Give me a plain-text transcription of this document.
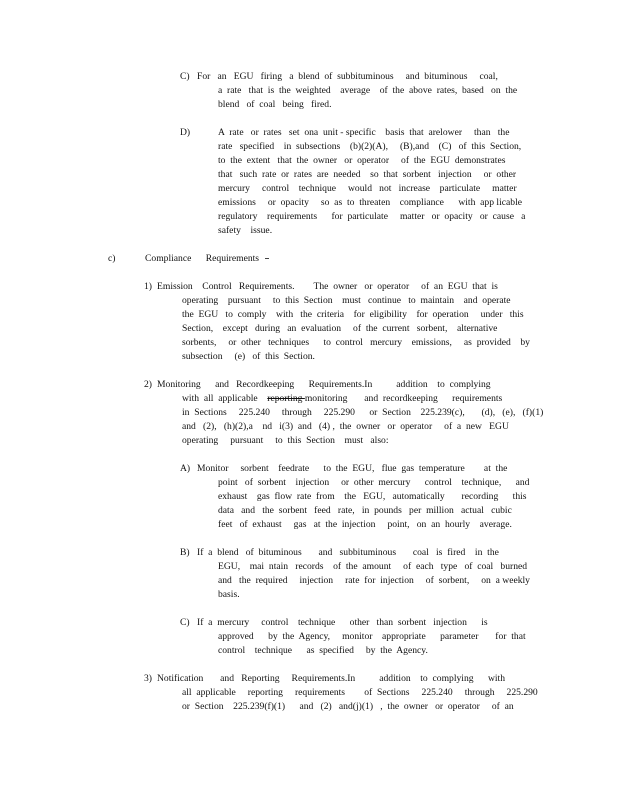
C) For   an   EGU   firing   a  blend  of  subbituminous     and  bituminous     coal,
a  rate   that  is  the  weighted    average    of  the  above  rates,  based   on  the
blend   of  coal   being   fired.
D)	A  rate   or  rates   set  ona  unit - specific    basis  that  arelower     than   the
rate   specified    in  subsections    (b)(2)(A),     (B),and    (C)   of  this  Section,
to  the  extent   that  the  owner   or  operator     of  the  EGU  demonstrates
that   such  rate  or  rates  are  needed    so  that  sorbent   injection     or  other
mercury     control    technique     would   not   increase    particulate     matter
emissions     or  opacity     so  as  to  threaten    compliance      with  app licable
regulatory    requirements      for  particulate     matter   or  opacity   or  cause   a
safety    issue.
c)	Compliance      Requirements
1) Emission    Control   Requirements.        The  owner   or  operator     of  an  EGU  that  is
operating    pursuant     to  this  Section    must   continue   to  maintain    and  operate
the  EGU   to  comply    with   the  criteria    for  eligibility    for  operation     under   this
Section,    except   during   an  evaluation     of  the  current   sorbent,    alternative
sorbents,     or  other   techniques      to  control   mercury    emissions,     as  provided    by
subsection     (e)   of  this  Section.
2) Monitoring      and   Recordkeeping      Requirements.In          addition    to  complying
with  all  applicable    reporting monitoring       and  recordkeeping      requirements
in  Sections     225.240     through     225.290      or  Section    225.239(c),       (d),   (e),   (f)(1)
and   (2),   (h)(2),a    nd   i(3)  and   (4) ,  the  owner   or  operator     of  a  new   EGU
operating     pursuant     to  this  Section    must   also:
A) Monitor     sorbent    feedrate      to  the  EGU,   flue  gas  temperature        at  the
point   of  sorbent    injection     or  other  mercury      control    technique,      and
exhaust    gas  flow  rate  from    the   EGU,   automatically       recording      this
data   and   the  sorbent   feed   rate,   in  pounds   per  million   actual   cubic
feet   of  exhaust     gas   at  the  injection     point,   on  an  hourly    average.
B) If  a  blend   of  bituminous       and   subbituminous       coal   is  fired    in  the
EGU,    mai  ntain   records    of  the  amount     of  each   type   of  coal   burned
and   the  required     injection     rate  for  injection     of  sorbent,     on  a weekly
basis.
C) If  a  mercury     control    technique      other   than  sorbent   injection      is
approved      by  the  Agency,     monitor    appropriate      parameter       for  that
control    technique      as  specified     by  the  Agency.
3) Notification       and   Reporting     Requirements.In          addition    to  complying      with
all  applicable     reporting     requirements        of  Sections     225.240     through     225.290
or  Section    225.239(f)(1)      and   (2)   and(j)(1)   ,  the  owner   or  operator     of  an
